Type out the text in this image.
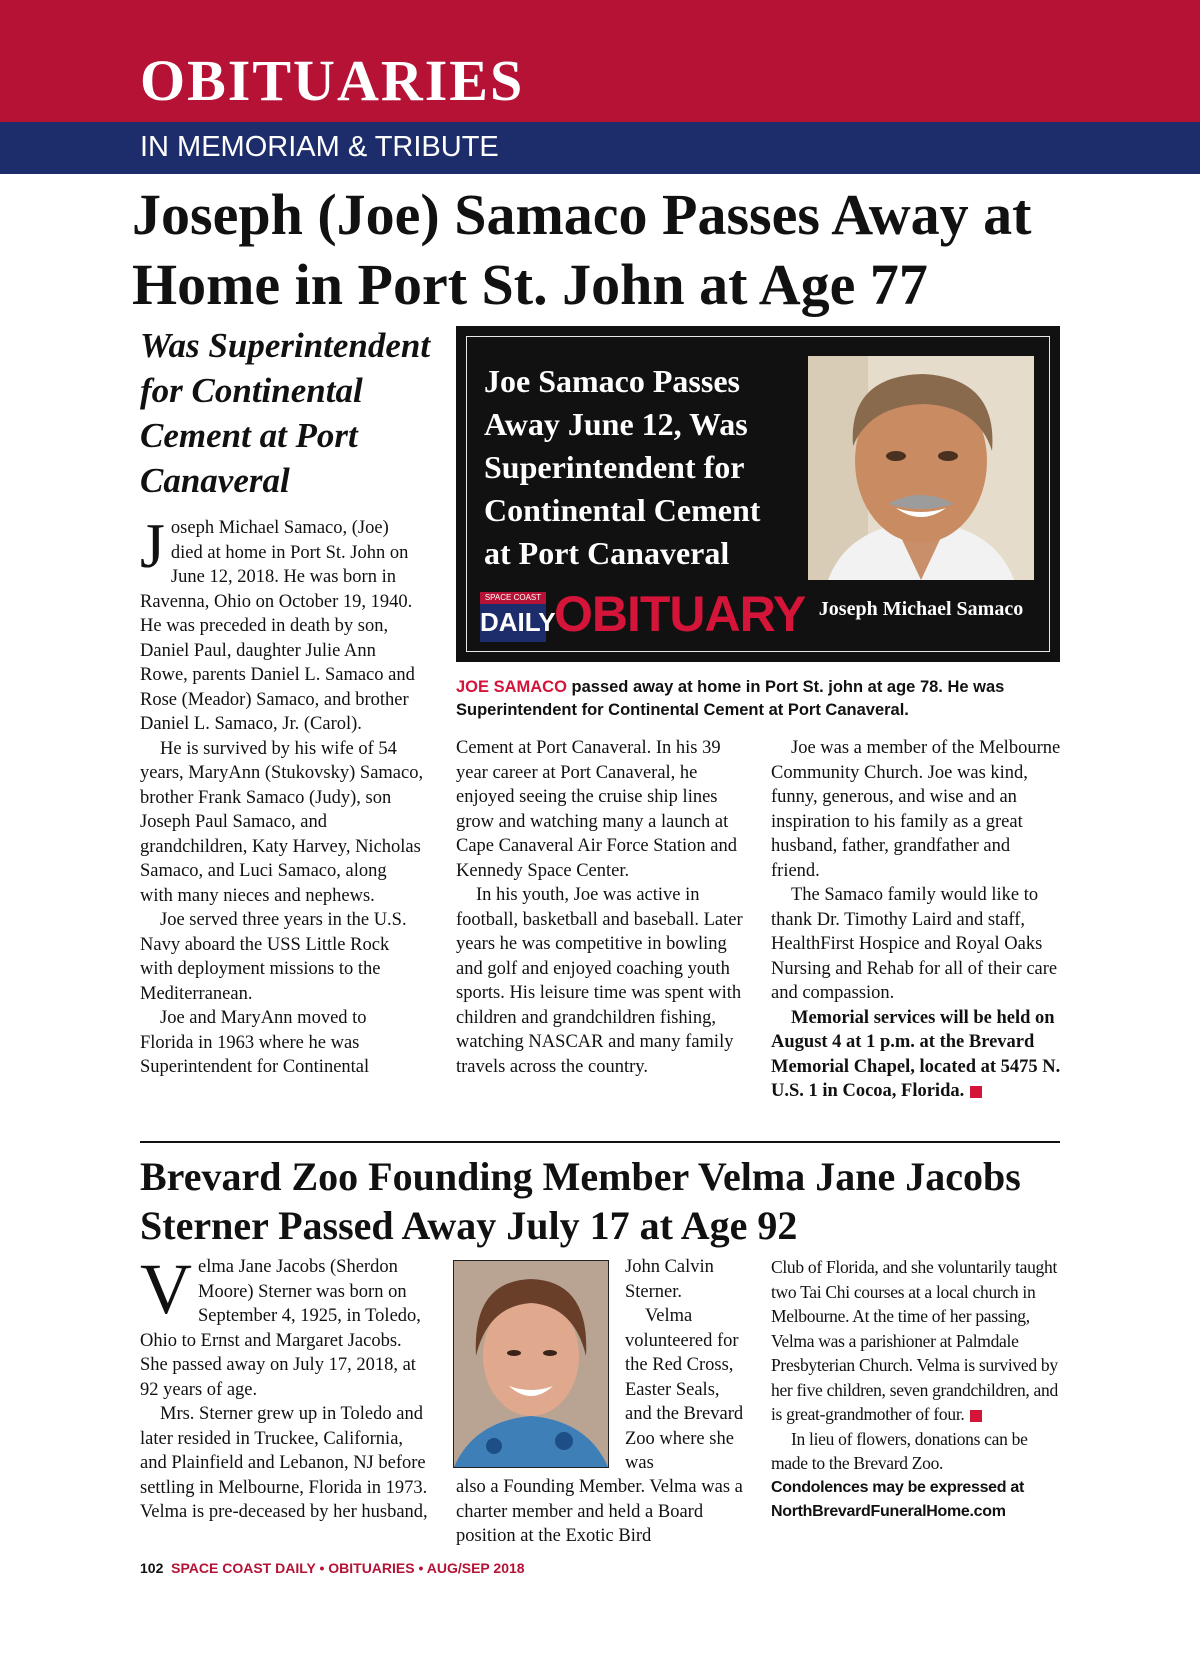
OBITUARIES
IN MEMORIAM & TRIBUTE
Joseph (Joe) Samaco Passes Away at Home in Port St. John at Age 77
Was Superintendent for Continental Cement at Port Canaveral

Joseph Michael Samaco, (Joe) died at home in Port St. John on June 12, 2018. He was born in Ravenna, Ohio on October 19, 1940. He was preceded in death by son, Daniel Paul, daughter Julie Ann Rowe, parents Daniel L. Samaco and Rose (Meador) Samaco, and brother Daniel L. Samaco, Jr. (Carol).

He is survived by his wife of 54 years, MaryAnn (Stukovsky) Samaco, brother Frank Samaco (Judy), son Joseph Paul Samaco, and grandchildren, Katy Harvey, Nicholas Samaco, and Luci Samaco, along with many nieces and nephews.

Joe served three years in the U.S. Navy aboard the USS Little Rock with deployment missions to the Mediterranean.

Joe and MaryAnn moved to Florida in 1963 where he was Superintendent for Continental

Joe Samaco Passes Away June 12, Was Superintendent for Continental Cement at Port Canaveral
SPACE COAST
DAILY
OBITUARY Joseph Michael Samaco
JOE SAMACO passed away at home in Port St. john at age 78. He was Superintendent for Continental Cement at Port Canaveral.

Cement at Port Canaveral. In his 39 year career at Port Canaveral, he enjoyed seeing the cruise ship lines grow and watching many a launch at Cape Canaveral Air Force Station and Kennedy Space Center.

In his youth, Joe was active in football, basketball and baseball. Later years he was competitive in bowling and golf and enjoyed coaching youth sports. His leisure time was spent with children and grandchildren fishing, watching NASCAR and many family travels across the country.

Joe was a member of the Melbourne Community Church. Joe was kind, funny, generous, and wise and an inspiration to his family as a great husband, father, grandfather and friend.

The Samaco family would like to thank Dr. Timothy Laird and staff, HealthFirst Hospice and Royal Oaks Nursing and Rehab for all of their care and compassion.

Memorial services will be held on August 4 at 1 p.m. at the Brevard Memorial Chapel, located at 5475 N. U.S. 1 in Cocoa, Florida.

Brevard Zoo Founding Member Velma Jane Jacobs Sterner Passed Away July 17 at Age 92

Velma Jane Jacobs (Sherdon Moore) Sterner was born on September 4, 1925, in Toledo, Ohio to Ernst and Margaret Jacobs. She passed away on July 17, 2018, at 92 years of age.

Mrs. Sterner grew up in Toledo and later resided in Truckee, California, and Plainfield and Lebanon, NJ before settling in Melbourne, Florida in 1973. Velma is pre-deceased by her husband,

John Calvin Sterner.

Velma volunteered for the Red Cross, Easter Seals, and the Brevard Zoo where she was

also a Founding Member. Velma was a charter member and held a Board position at the Exotic Bird

Club of Florida, and she voluntarily taught two Tai Chi courses at a local church in Melbourne. At the time of her passing, Velma was a parishioner at Palmdale Presbyterian Church. Velma is survived by her five children, seven grandchildren, and is great-grandmother of four.

In lieu of flowers, donations can be made to the Brevard Zoo.

Condolences may be expressed at NorthBrevardFuneralHome.com

102 SPACE COAST DAILY • OBITUARIES • AUG/SEP 2018
